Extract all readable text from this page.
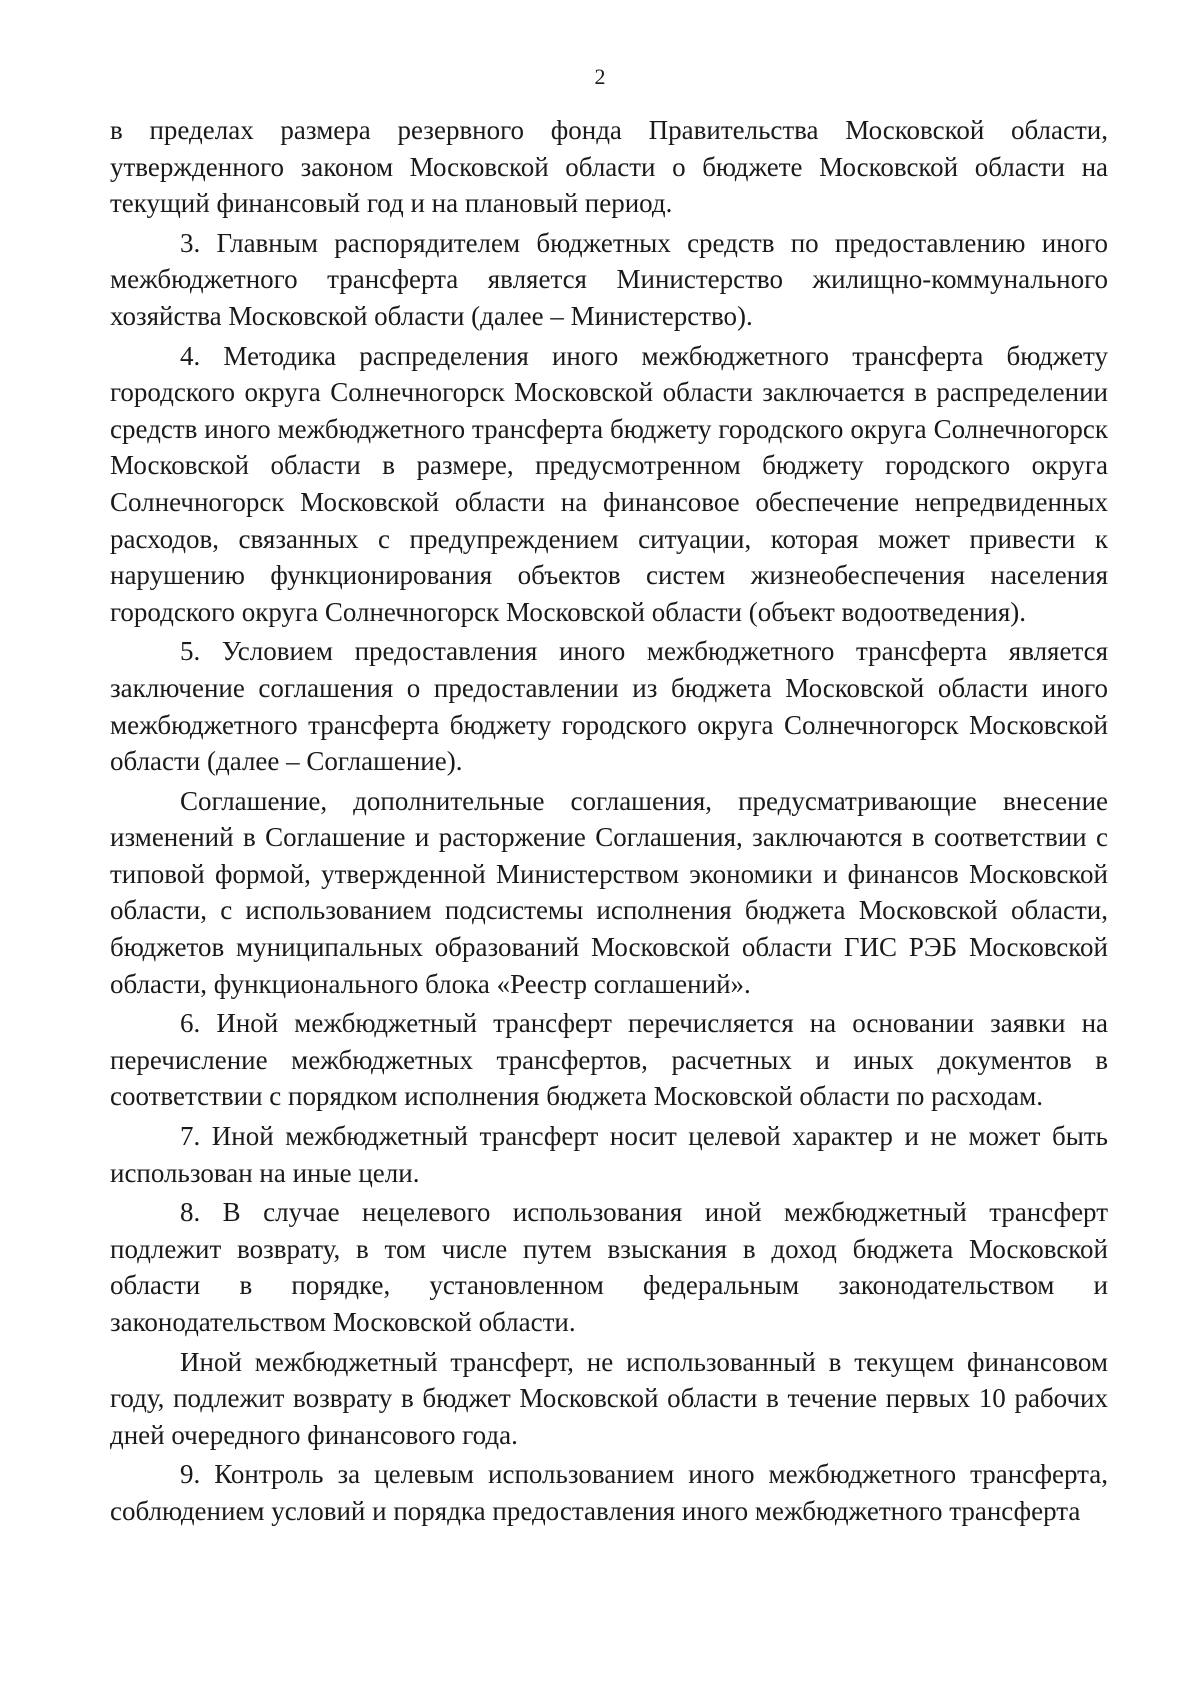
2

в пределах размера резервного фонда Правительства Московской области, утвержденного законом Московской области о бюджете Московской области на текущий финансовый год и на плановый период.

3. Главным распорядителем бюджетных средств по предоставлению иного межбюджетного трансферта является Министерство жилищно-коммунального хозяйства Московской области (далее – Министерство).

4. Методика распределения иного межбюджетного трансферта бюджету городского округа Солнечногорск Московской области заключается в распределении средств иного межбюджетного трансферта бюджету городского округа Солнечногорск Московской области в размере, предусмотренном бюджету городского округа Солнечногорск Московской области на финансовое обеспечение непредвиденных расходов, связанных с предупреждением ситуации, которая может привести к нарушению функционирования объектов систем жизнеобеспечения населения городского округа Солнечногорск Московской области (объект водоотведения).

5. Условием предоставления иного межбюджетного трансферта является заключение соглашения о предоставлении из бюджета Московской области иного межбюджетного трансферта бюджету городского округа Солнечногорск Московской области (далее – Соглашение).

Соглашение, дополнительные соглашения, предусматривающие внесение изменений в Соглашение и расторжение Соглашения, заключаются в соответствии с типовой формой, утвержденной Министерством экономики и финансов Московской области, с использованием подсистемы исполнения бюджета Московской области, бюджетов муниципальных образований Московской области ГИС РЭБ Московской области, функционального блока «Реестр соглашений».

6. Иной межбюджетный трансферт перечисляется на основании заявки на перечисление межбюджетных трансфертов, расчетных и иных документов в соответствии с порядком исполнения бюджета Московской области по расходам.

7. Иной межбюджетный трансферт носит целевой характер и не может быть использован на иные цели.

8. В случае нецелевого использования иной межбюджетный трансферт подлежит возврату, в том числе путем взыскания в доход бюджета Московской области в порядке, установленном федеральным законодательством и законодательством Московской области.

Иной межбюджетный трансферт, не использованный в текущем финансовом году, подлежит возврату в бюджет Московской области в течение первых 10 рабочих дней очередного финансового года.

9. Контроль за целевым использованием иного межбюджетного трансферта, соблюдением условий и порядка предоставления иного межбюджетного трансферта
